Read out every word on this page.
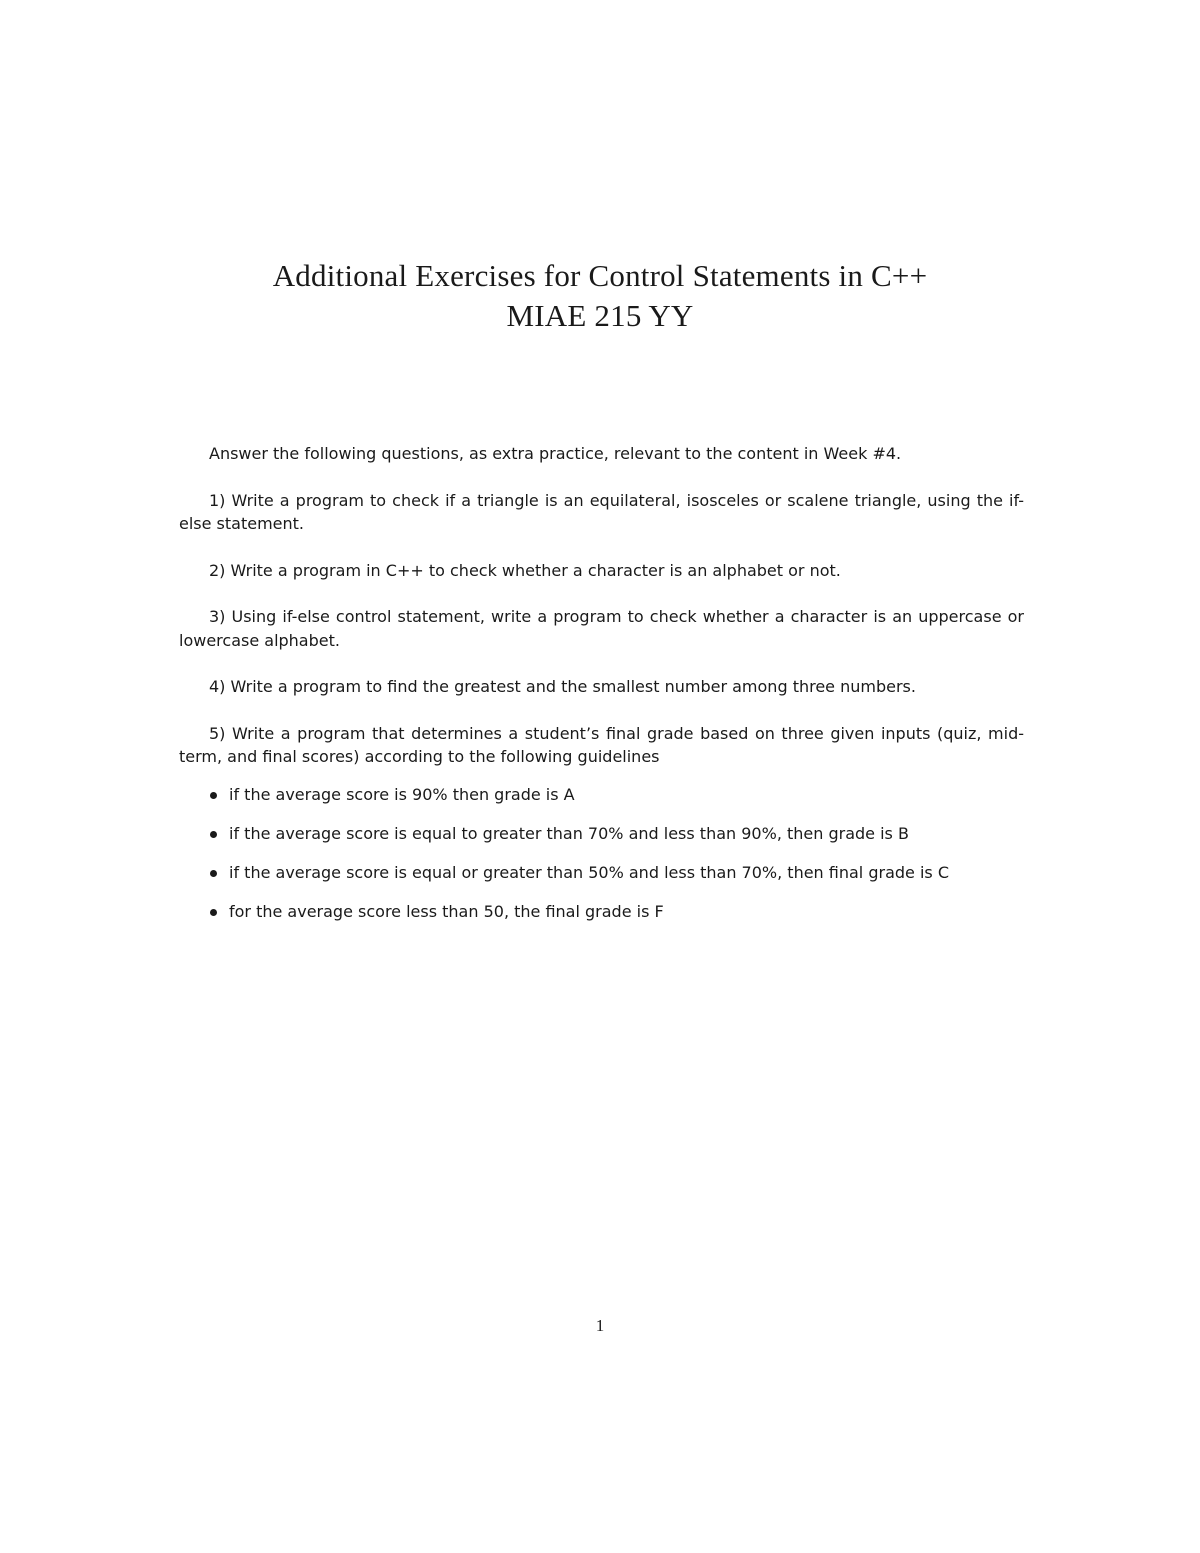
Additional Exercises for Control Statements in C++
MIAE 215 YY

Answer the following questions, as extra practice, relevant to the content in Week #4.

1) Write a program to check if a triangle is an equilateral, isosceles or scalene triangle, using the if-else statement.

2) Write a program in C++ to check whether a character is an alphabet or not.

3) Using if-else control statement, write a program to check whether a character is an uppercase or lowercase alphabet.

4) Write a program to find the greatest and the smallest number among three numbers.

5) Write a program that determines a student’s final grade based on three given inputs (quiz, mid-term, and final scores) according to the following guidelines

if the average score is 90% then grade is A
if the average score is equal to greater than 70% and less than 90%, then grade is B
if the average score is equal or greater than 50% and less than 70%, then final grade is C
for the average score less than 50, the final grade is F
1
